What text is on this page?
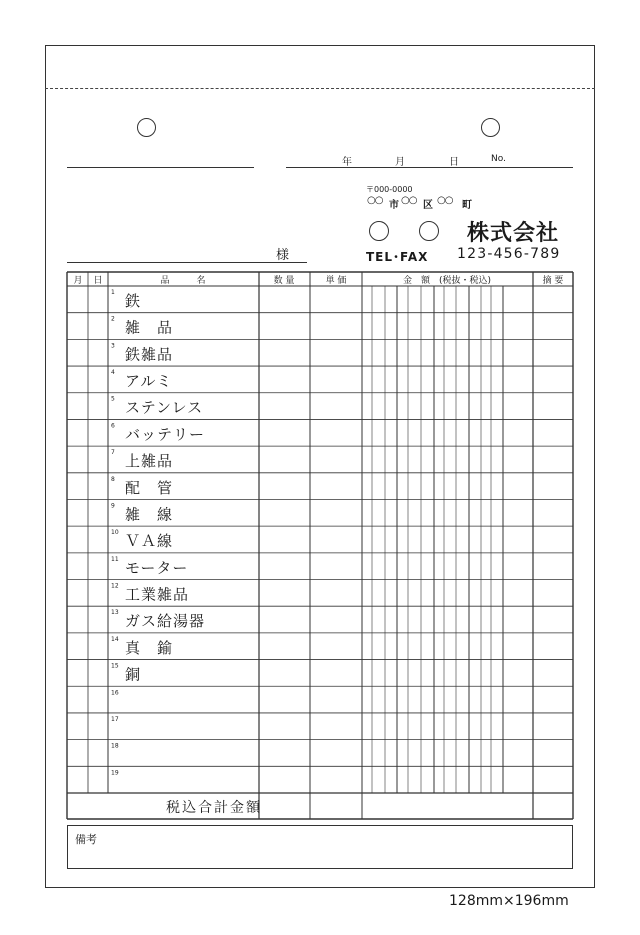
年	月	日	No.
様
〒000-0000
○○ 市 ○○ 区 ○○ 町
株式会社
TEL･FAX 123-456-789
月 日	品　　　名	数 量	単 価	金　額　(税抜・税込)	摘 要
1 鉄
2 雑　品
3 鉄雑品
4 アルミ
5 ステンレス
6 バッテリー
7 上雑品
8 配　管
9 雑　線
10 ＶＡ線
11 モーター
12 工業雑品
13 ガス給湯器
14 真　鍮
15 銅
16
17
18
19
税込合計金額
備考
128mm×196mm
